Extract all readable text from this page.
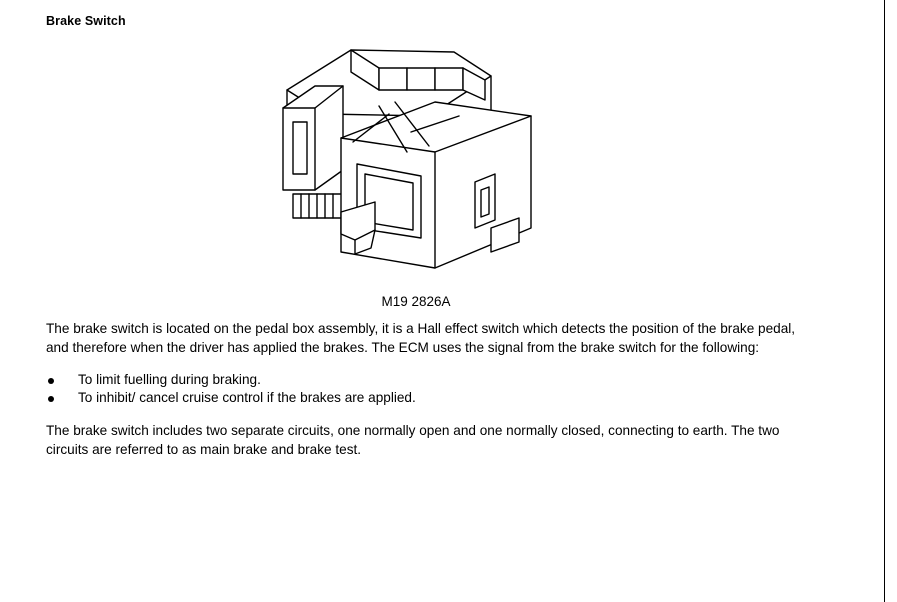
Brake Switch
M19 2826A

The brake switch is located on the pedal box assembly, it is a Hall effect switch which detects the position of the brake pedal, and therefore when the driver has applied the brakes. The ECM uses the signal from the brake switch for the following:

To limit fuelling during braking.
To inhibit/ cancel cruise control if the brakes are applied.

The brake switch includes two separate circuits, one normally open and one normally closed, connecting to earth. The two circuits are referred to as main brake and brake test.
